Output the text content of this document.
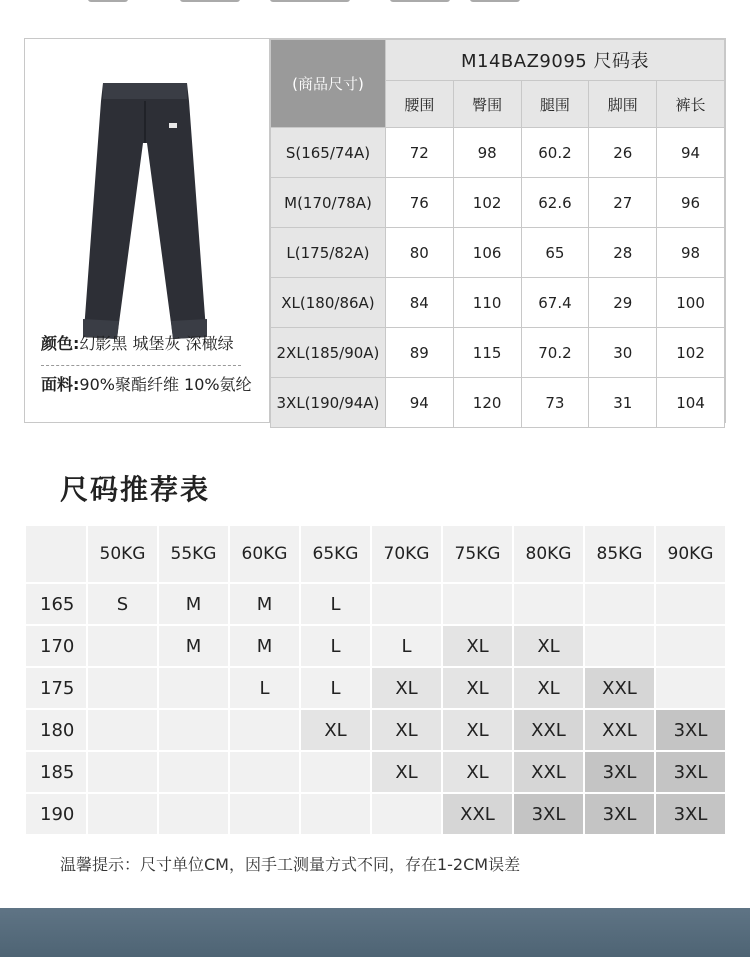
颜色:幻影黑 城堡灰 深橄绿
面料:90%聚酯纤维 10%氨纶
(商品尺寸)	M14BAZ9095 尺码表				
	腰围	臀围	腿围	脚围	裤长
S(165/74A)	72	98	60.2	26	94
M(170/78A)	76	102	62.6	27	96
L(175/82A)	80	106	65	28	98
XL(180/86A)	84	110	67.4	29	100
2XL(185/90A)	89	115	70.2	30	102
3XL(190/94A)	94	120	73	31	104
尺码推荐表
	50KG	55KG	60KG	65KG	70KG	75KG	80KG	85KG	90KG
165	S	M	M	L					
170		M	M	L	L	XL	XL		
175			L	L	XL	XL	XL	XXL	
180				XL	XL	XL	XXL	XXL	3XL
185					XL	XL	XXL	3XL	3XL
190						XXL	3XL	3XL	3XL
温馨提示：尺寸单位CM，因手工测量方式不同，存在1-2CM误差
